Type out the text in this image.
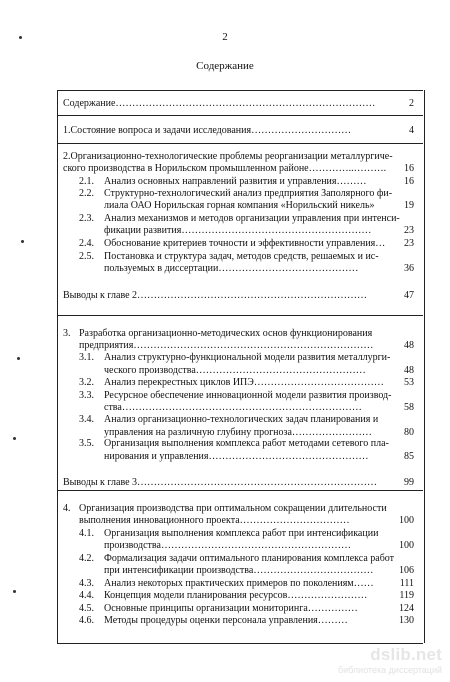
2
Содержание
Содержание……………………………………………………………………	2
1.Состояние вопроса и задачи исследования…………………………	4
2.Организационно-технологические проблемы реорганизации металлургиче-
ского производства в Норильском промышленном районе…………..……….	16
2.1. Анализ основных направлений развития и управления………	16
2.2. Структурно-технологический анализ предприятия Заполярного фи-
лиала ОАО Норильская горная компания «Норильский никель»	19
2.3. Анализ механизмов и методов организации управления при интенси-
фикации развития…………………………………………………	23
2.4. Обоснование критериев точности и эффективности управления…	23
2.5. Постановка и структура задач, методов средств, решаемых и ис-
пользуемых в диссертации……………………………………	36
Выводы к главе 2……………………………………………………………	47
3. Разработка организационно-методических основ функционирования
предприятия………………………………………………………………	48
3.1. Анализ структурно-функциональной модели развития металлурги-
ческого производства……………………………………………	48
3.2. Анализ перекрестных циклов ИПЭ…………………………………	53
3.3. Ресурсное обеспечение инновационной модели развития производ-
ства………………………………………………………………	58
3.4. Анализ организационно-технологических задач планирования и
управления на различную глубину прогноза……………………	80
3.5. Организация выполнения комплекса работ методами сетевого пла-
нирования и управления…………………………………………	85
Выводы к главе 3………………………………………………………………	99
4. Организация производства при оптимальном сокращении длительности
выполнения инновационного проекта……………………………	100
4.1. Организация выполнения комплекса работ при интенсификации
производства…………………………………………………	100
4.2. Формализация задачи оптимального планирования комплекса работ
при интенсификации производства………………………………	106
4.3. Анализ некоторых практических примеров по поколениям……	111
4.4. Концепция модели планирования ресурсов……………………	119
4.5. Основные принципы организации мониторинга……………	124
4.6. Методы процедуры оценки персонала управления………	130
dslib.net
библиотека диссертаций
